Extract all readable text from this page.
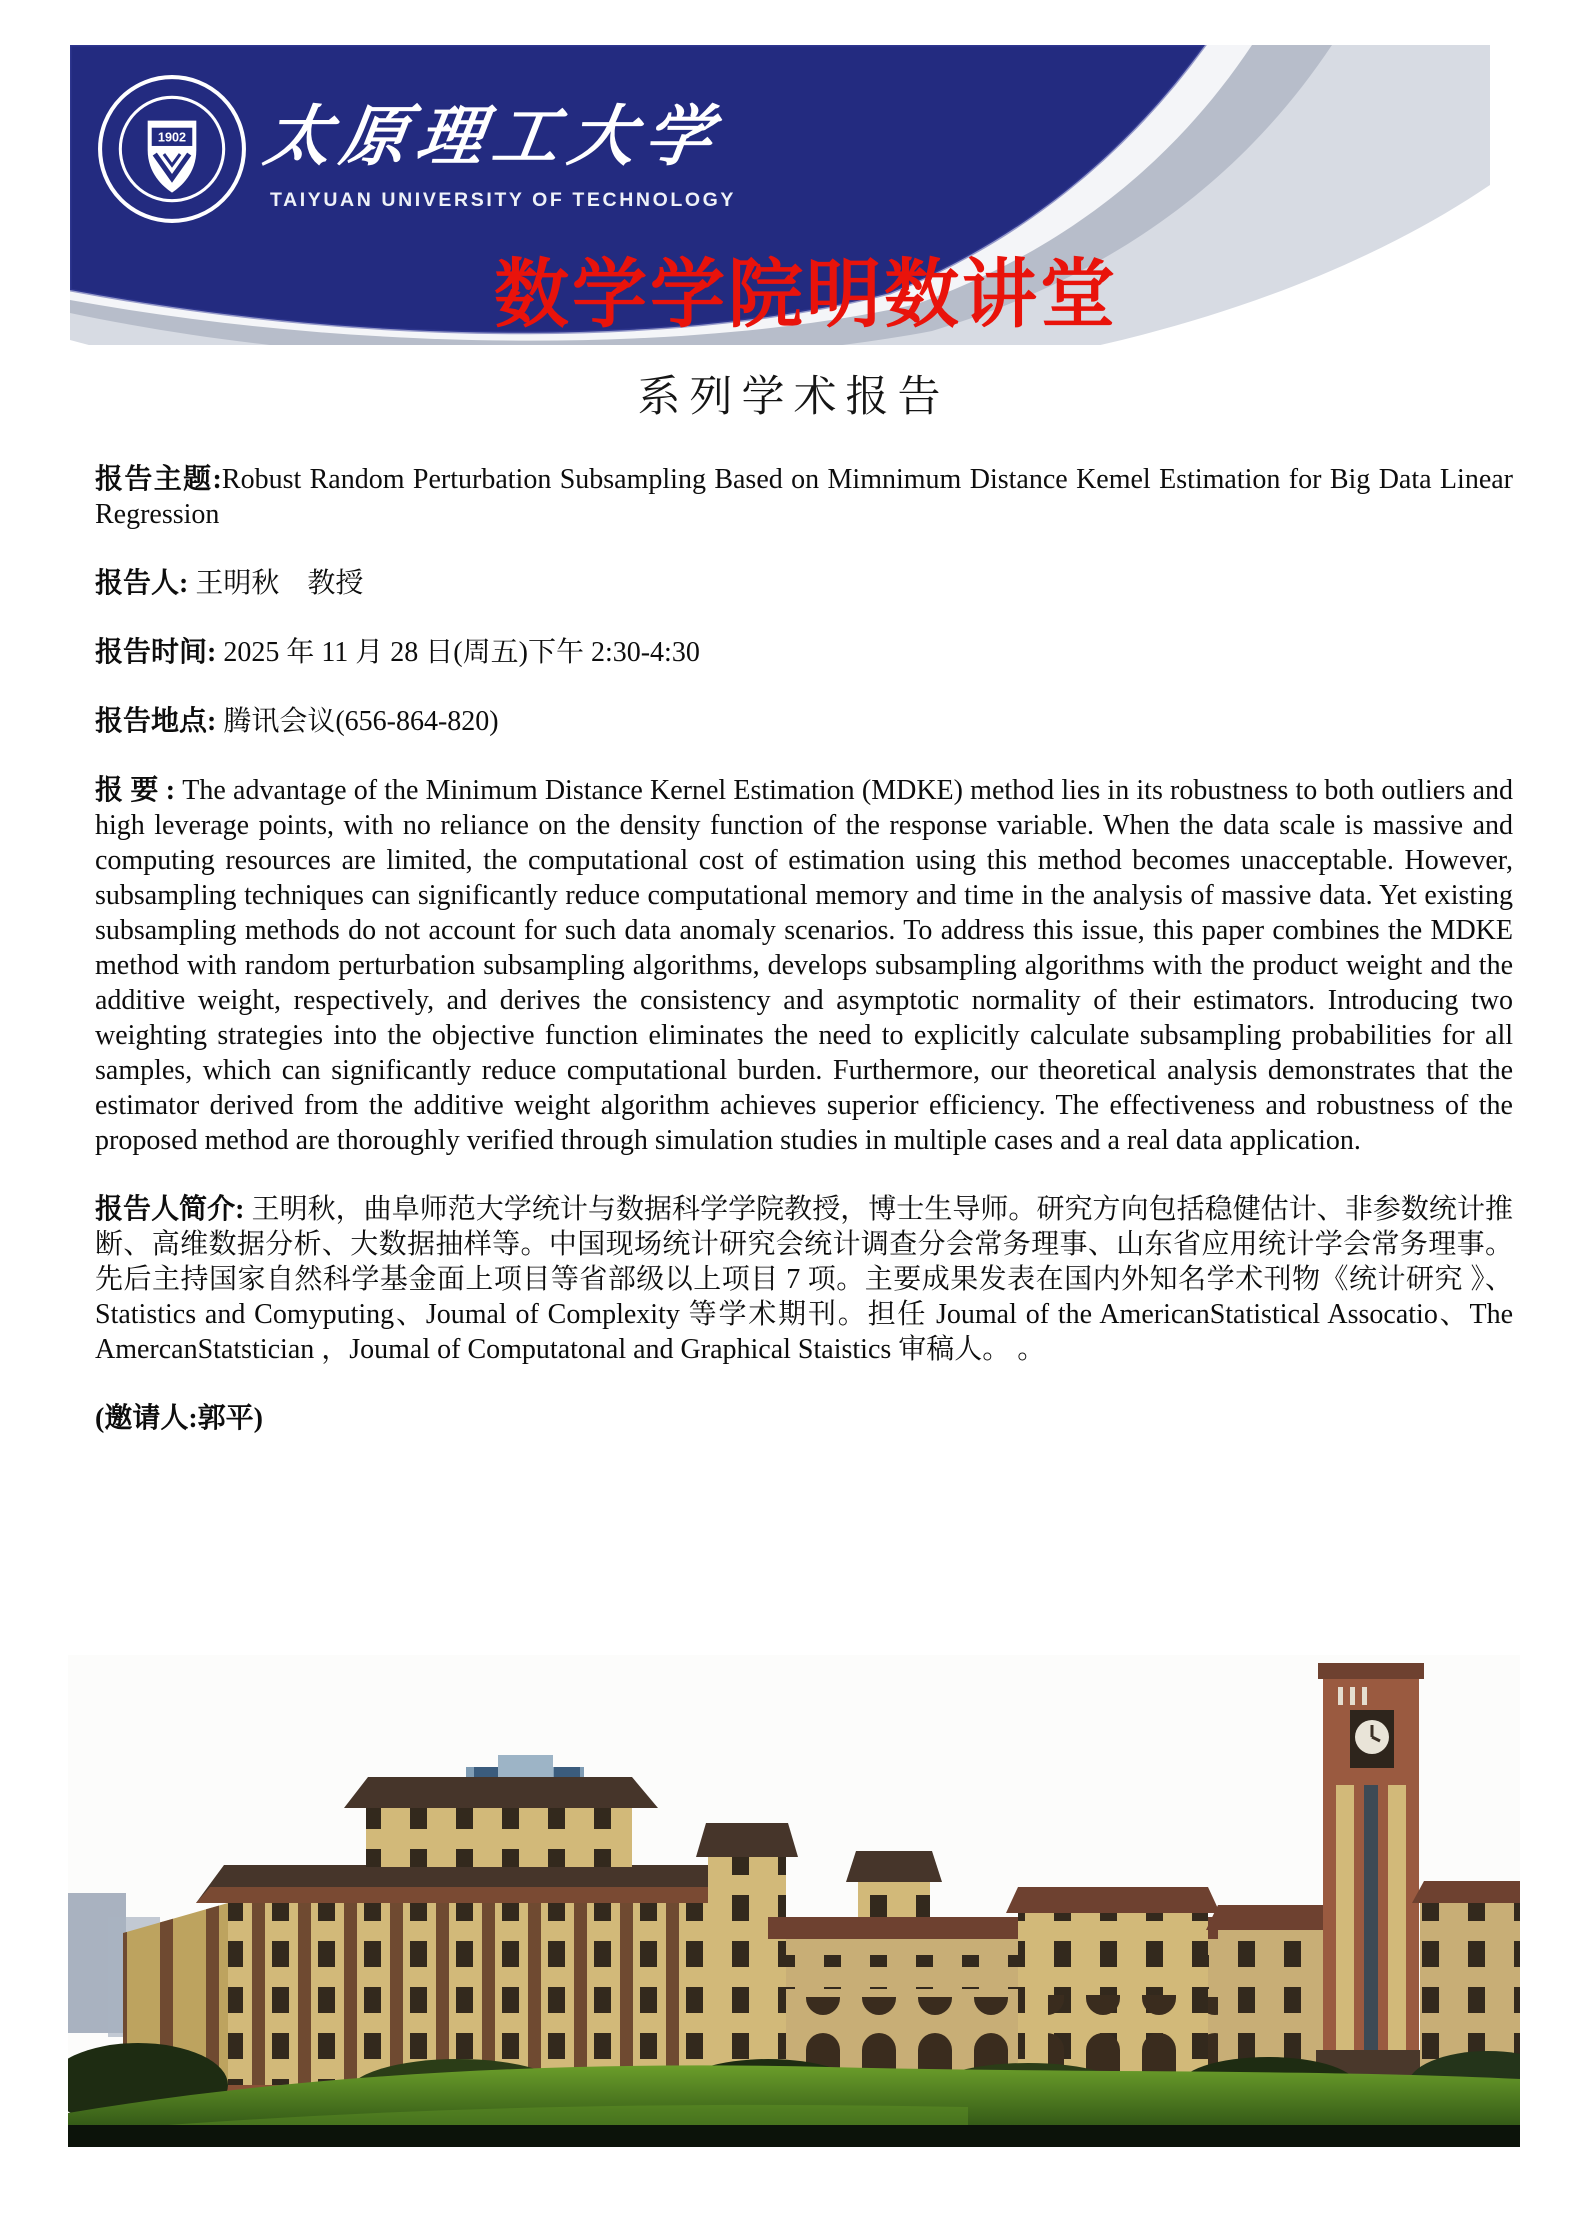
1902 太原理工大学
TAIYUAN UNIVERSITY OF TECHNOLOGY
数学学院明数讲堂
系列学术报告

报告主题:Robust Random Perturbation Subsampling Based on Mimnimum Distance Kemel Estimation for Big Data Linear Regression

报告人: 王明秋　教授

报告时间: 2025 年 11 月 28 日(周五)下午 2:30-4:30

报告地点: 腾讯会议(656-864-820)

报 要 : The advantage of the Minimum Distance Kernel Estimation (MDKE) method lies in its robustness to both outliers and high leverage points, with no reliance on the density function of the response variable. When the data scale is massive and computing resources are limited, the computational cost of estimation using this method becomes unacceptable. However, subsampling techniques can significantly reduce computational memory and time in the analysis of massive data. Yet existing subsampling methods do not account for such data anomaly scenarios. To address this issue, this paper combines the MDKE method with random perturbation subsampling algorithms, develops subsampling algorithms with the product weight and the additive weight, respectively, and derives the consistency and asymptotic normality of their estimators. Introducing two weighting strategies into the objective function eliminates the need to explicitly calculate subsampling probabilities for all samples, which can significantly reduce computational burden. Furthermore, our theoretical analysis demonstrates that the estimator derived from the additive weight algorithm achieves superior efficiency. The effectiveness and robustness of the proposed method are thoroughly verified through simulation studies in multiple cases and a real data application.

报告人简介: 王明秋，曲阜师范大学统计与数据科学学院教授，博士生导师。研究方向包括稳健估计、非参数统计推断、高维数据分析、大数据抽样等。中国现场统计研究会统计调查分会常务理事、山东省应用统计学会常务理事。先后主持国家自然科学基金面上项目等省部级以上项目 7 项。主要成果发表在国内外知名学术刊物《统计研究 》、Statistics and Comyputing、Joumal of Complexity 等学术期刊。担任 Joumal of the AmericanStatistical Assocatio、The AmercanStatstician ，Joumal of Computatonal and Graphical Staistics 审稿人。 。

(邀请人:郭平)
